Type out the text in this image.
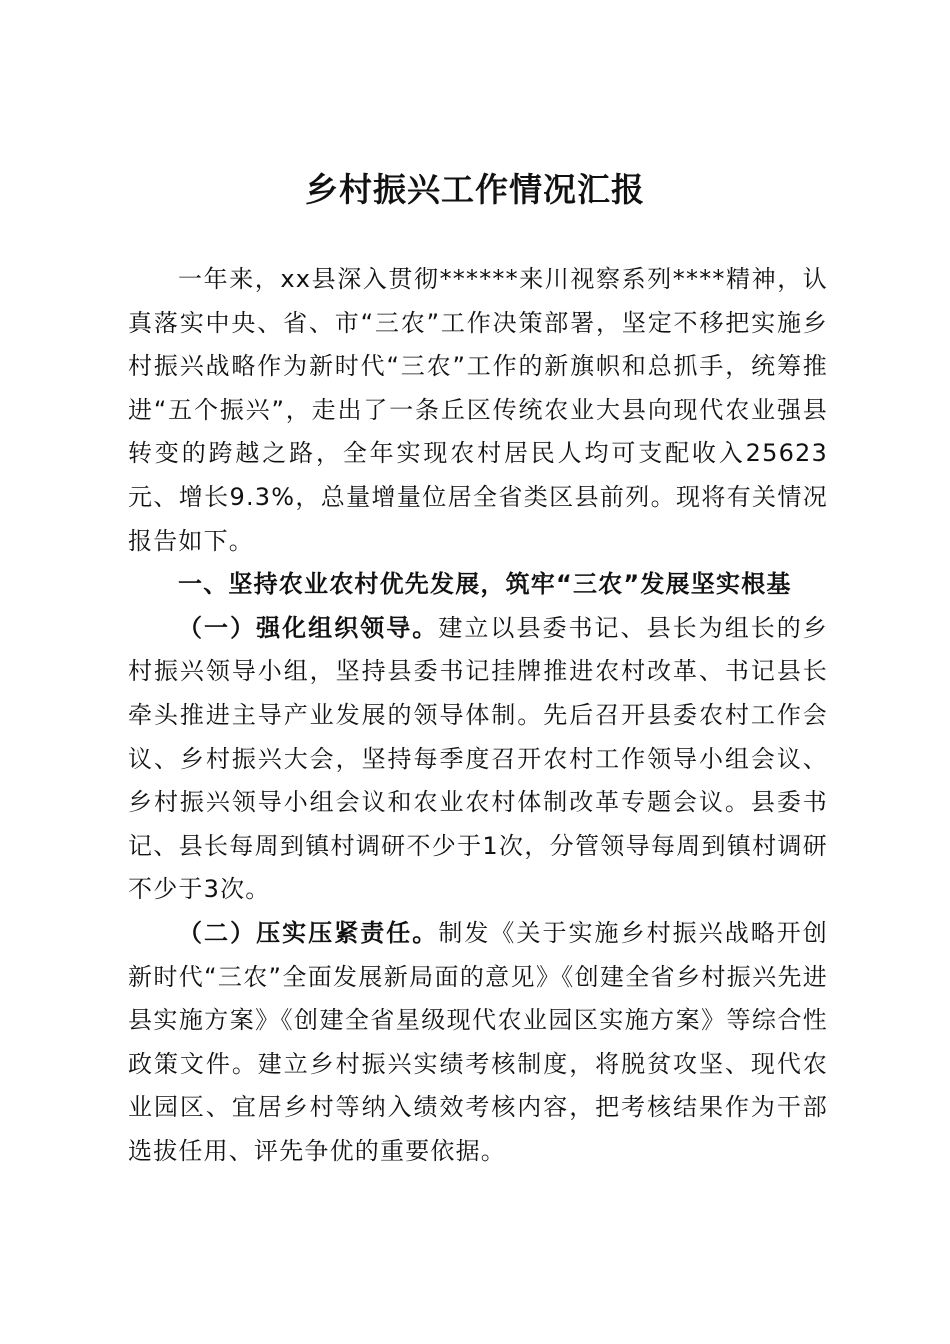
乡村振兴工作情况汇报

一年来，xx县深入贯彻******来川视察系列****精神，认真落实中央、省、市“三农”工作决策部署，坚定不移把实施乡村振兴战略作为新时代“三农”工作的新旗帜和总抓手，统筹推进“五个振兴”，走出了一条丘区传统农业大县向现代农业强县转变的跨越之路，全年实现农村居民人均可支配收入25623元、增长9.3%，总量增量位居全省类区县前列。现将有关情况报告如下。

一、坚持农业农村优先发展，筑牢“三农”发展坚实根基

（一）强化组织领导。建立以县委书记、县长为组长的乡村振兴领导小组，坚持县委书记挂牌推进农村改革、书记县长牵头推进主导产业发展的领导体制。先后召开县委农村工作会议、乡村振兴大会，坚持每季度召开农村工作领导小组会议、乡村振兴领导小组会议和农业农村体制改革专题会议。县委书记、县长每周到镇村调研不少于1次，分管领导每周到镇村调研不少于3次。

（二）压实压紧责任。制发《关于实施乡村振兴战略开创新时代“三农”全面发展新局面的意见》《创建全省乡村振兴先进县实施方案》《创建全省星级现代农业园区实施方案》等综合性政策文件。建立乡村振兴实绩考核制度，将脱贫攻坚、现代农业园区、宜居乡村等纳入绩效考核内容，把考核结果作为干部选拔任用、评先争优的重要依据。
